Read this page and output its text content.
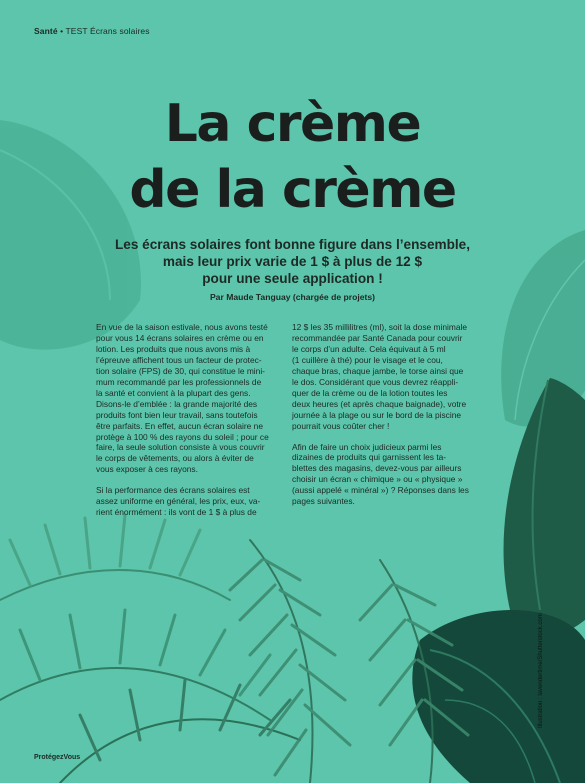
Santé • TEST Écrans solaires
La crème
de la crème
Les écrans solaires font bonne figure dans l’ensemble,
mais leur prix varie de 1 $ à plus de 12 $
pour une seule application !
Par Maude Tanguay (chargée de projets)
En vue de la saison estivale, nous avons testé
pour vous 14 écrans solaires en crème ou en
lotion. Les produits que nous avons mis à
l’épreuve affichent tous un facteur de protec-
tion solaire (FPS) de 30, qui constitue le mini-
mum recommandé par les professionnels de
la santé et convient à la plupart des gens.
Disons-le d’emblée : la grande majorité des
produits font bien leur travail, sans toutefois
être parfaits. En effet, aucun écran solaire ne
protège à 100 % des rayons du soleil ; pour ce
faire, la seule solution consiste à vous couvrir
le corps de vêtements, ou alors à éviter de
vous exposer à ces rayons.
Si la performance des écrans solaires est
assez uniforme en général, les prix, eux, va-
rient énormément : ils vont de 1 $ à plus de
12 $ les 35 millilitres (ml), soit la dose minimale
recommandée par Santé Canada pour couvrir
le corps d’un adulte. Cela équivaut à 5 ml
(1 cuillère à thé) pour le visage et le cou,
chaque bras, chaque jambe, le torse ainsi que
le dos. Considérant que vous devrez réappli-
quer de la crème ou de la lotion toutes les
deux heures (et après chaque baignade), votre
journée à la plage ou sur le bord de la piscine
pourrait vous coûter cher !
Afin de faire un choix judicieux parmi les
dizaines de produits qui garnissent les ta-
blettes des magasins, devez-vous par ailleurs
choisir un écran « chimique » ou « physique »
(aussi appelé « minéral ») ? Réponses dans les
pages suivantes.
Illustration : lavendertime/Shutterstock.com
ProtégezVous
